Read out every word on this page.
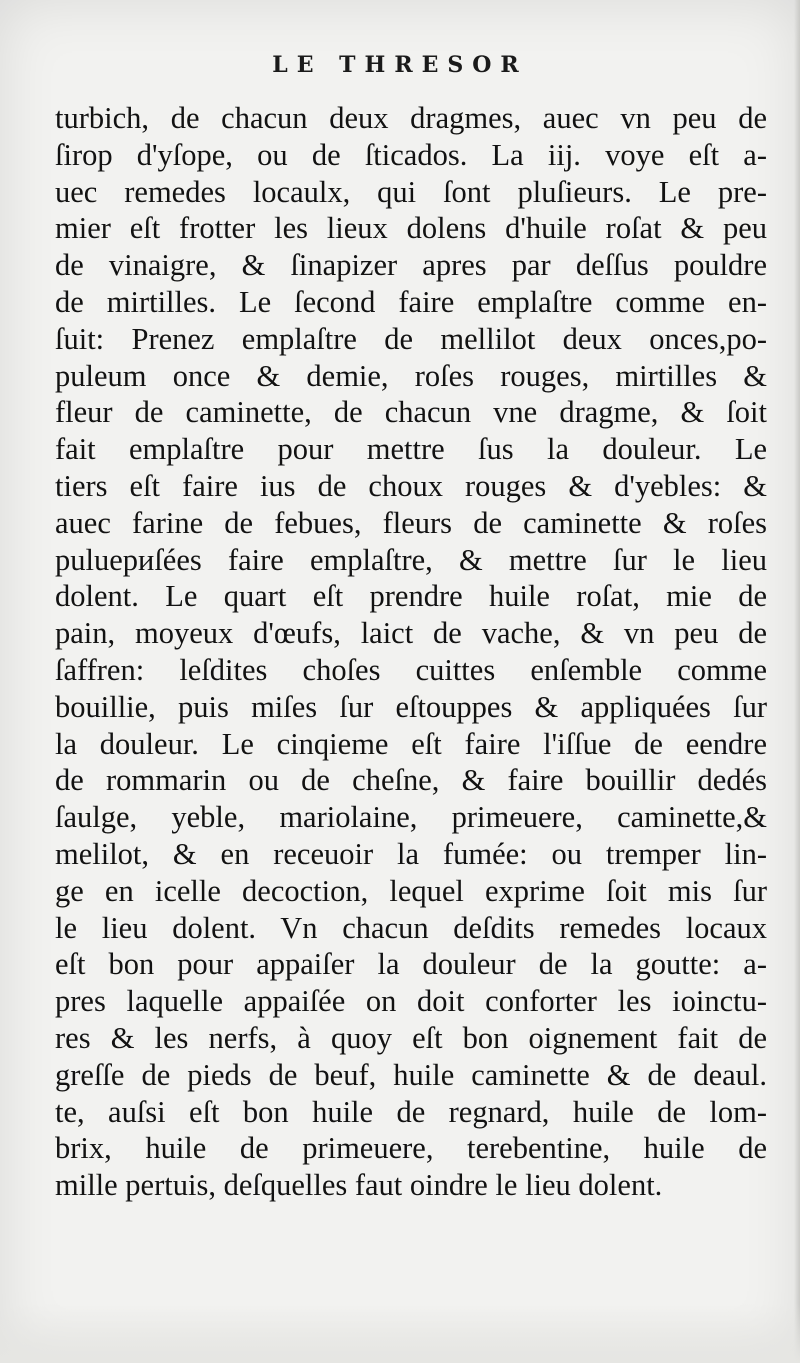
LE THRESOR
turbich, de chacun deux dragmes, auec vn peu de
ſirop d'yſope, ou de ſticados. La iij. voye eſt a-
uec remedes locaulx, qui ſont pluſieurs. Le pre-
mier eſt frotter les lieux dolens d'huile roſat & peu
de vinaigre, & ſinapizer apres par deſſus pouldre
de mirtilles. Le ſecond faire emplaſtre comme en-
ſuit: Prenez emplaſtre de mellilot deux onces,po-
puleum once & demie, roſes rouges, mirtilles &
fleur de caminette, de chacun vne dragme, & ſoit
fait emplaſtre pour mettre ſus la douleur. Le
tiers eſt faire ius de choux rouges & d'yebles: &
auec farine de febues, fleurs de caminette & roſes
puluериſées faire emplaſtre, & mettre ſur le lieu
dolent. Le quart eſt prendre huile roſat, mie de
pain, moyeux d'œufs, laict de vache, & vn peu de
ſaffren: leſdites choſes cuittes enſemble comme
bouillie, puis miſes ſur eſtouppes & appliquées ſur
la douleur. Le cinqieme eſt faire l'iſſue de eendre
de rommarin ou de cheſne, & faire bouillir dedés
ſaulge, yeble, mariolaine, primeuere, caminette,&
melilot, & en receuoir la fumée: ou tremper lin-
ge en icelle decoction, lequel exprime ſoit mis ſur
le lieu dolent. Vn chacun deſdits remedes locaux
eſt bon pour appaiſer la douleur de la goutte: a-
pres laquelle appaiſée on doit conforter les ioinctu-
res & les nerfs, à quoy eſt bon oignement fait de
greſſe de pieds de beuf, huile caminette & de deaul.
te, auſsi eſt bon huile de regnard, huile de lom-
brix, huile de primeuere, terebentine, huile de
mille pertuis, deſquelles faut oindre le lieu dolent.
